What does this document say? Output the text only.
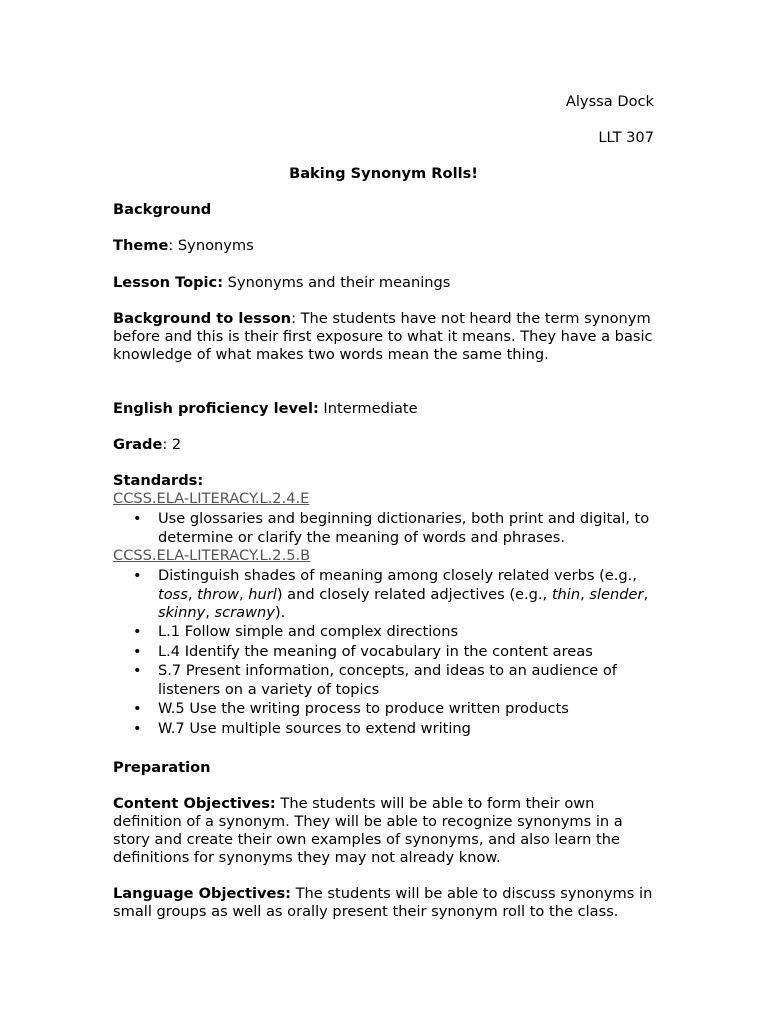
Alyssa Dock
LLT 307
Baking Synonym Rolls!
Background
Theme: Synonyms
Lesson Topic: Synonyms and their meanings
Background to lesson: The students have not heard the term synonym before and this is their first exposure to what it means. They have a basic knowledge of what makes two words mean the same thing.
English proficiency level: Intermediate
Grade: 2
Standards:
CCSS.ELA-LITERACY.L.2.4.E
• Use glossaries and beginning dictionaries, both print and digital, to determine or clarify the meaning of words and phrases.
CCSS.ELA-LITERACY.L.2.5.B
• Distinguish shades of meaning among closely related verbs (e.g., toss, throw, hurl) and closely related adjectives (e.g., thin, slender, skinny, scrawny).
• L.1 Follow simple and complex directions
• L.4 Identify the meaning of vocabulary in the content areas
• S.7 Present information, concepts, and ideas to an audience of listeners on a variety of topics
• W.5 Use the writing process to produce written products
• W.7 Use multiple sources to extend writing
Preparation
Content Objectives: The students will be able to form their own definition of a synonym. They will be able to recognize synonyms in a story and create their own examples of synonyms, and also learn the definitions for synonyms they may not already know.
Language Objectives: The students will be able to discuss synonyms in small groups as well as orally present their synonym roll to the class.
